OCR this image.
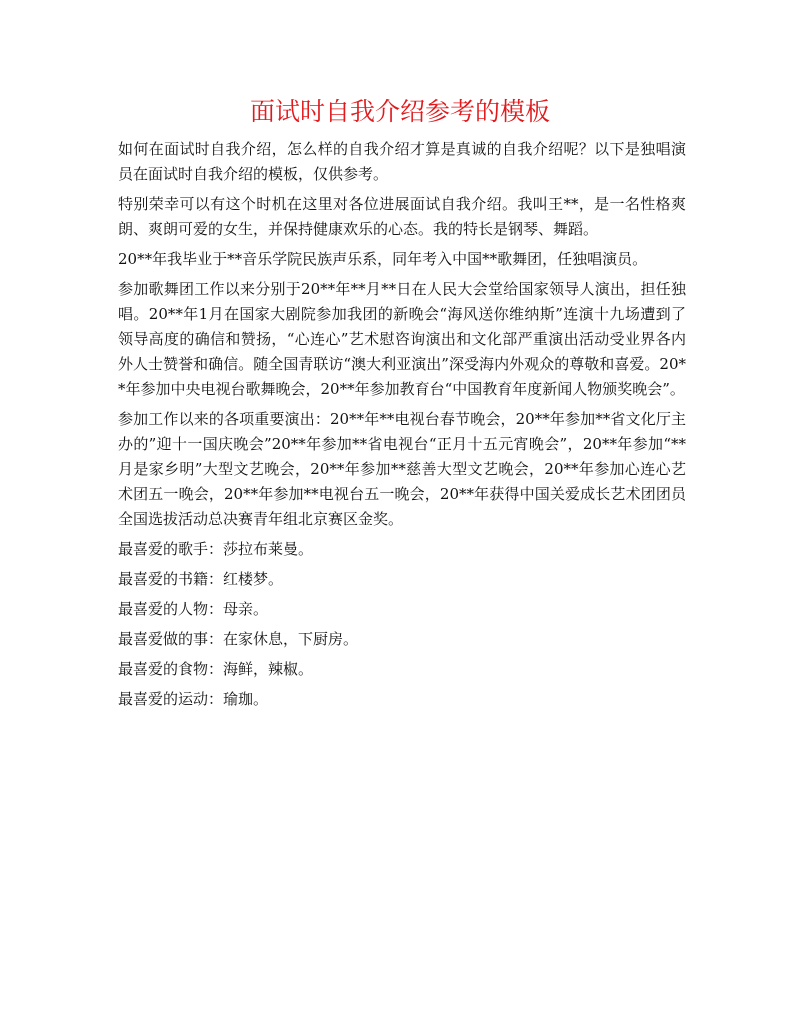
面试时自我介绍参考的模板

如何在面试时自我介绍，怎么样的自我介绍才算是真诚的自我介绍呢？以下是独唱演员在面试时自我介绍的模板，仅供参考。

特别荣幸可以有这个时机在这里对各位进展面试自我介绍。我叫王**，是一名性格爽朗、爽朗可爱的女生，并保持健康欢乐的心态。我的特长是钢琴、舞蹈。

20**年我毕业于**音乐学院民族声乐系，同年考入中国**歌舞团，任独唱演员。

参加歌舞团工作以来分别于20**年**月**日在人民大会堂给国家领导人演出，担任独唱。20**年1月在国家大剧院参加我团的新晚会“海风送你维纳斯”连演十九场遭到了领导高度的确信和赞扬，“心连心”艺术慰咨询演出和文化部严重演出活动受业界各内外人士赞誉和确信。随全国青联访“澳大利亚演出”深受海内外观众的尊敬和喜爱。20**年参加中央电视台歌舞晚会，20**年参加教育台“中国教育年度新闻人物颁奖晚会”。

参加工作以来的各项重要演出：20**年**电视台春节晚会，20**年参加**省文化厅主办的”迎十一国庆晚会”20**年参加**省电视台“正月十五元宵晚会”，20**年参加“**月是家乡明”大型文艺晚会，20**年参加**慈善大型文艺晚会，20**年参加心连心艺术团五一晚会，20**年参加**电视台五一晚会，20**年获得中国关爱成长艺术团团员全国选拔活动总决赛青年组北京赛区金奖。

最喜爱的歌手：莎拉布莱曼。

最喜爱的书籍：红楼梦。

最喜爱的人物：母亲。

最喜爱做的事：在家休息，下厨房。

最喜爱的食物：海鲜，辣椒。

最喜爱的运动：瑜珈。
